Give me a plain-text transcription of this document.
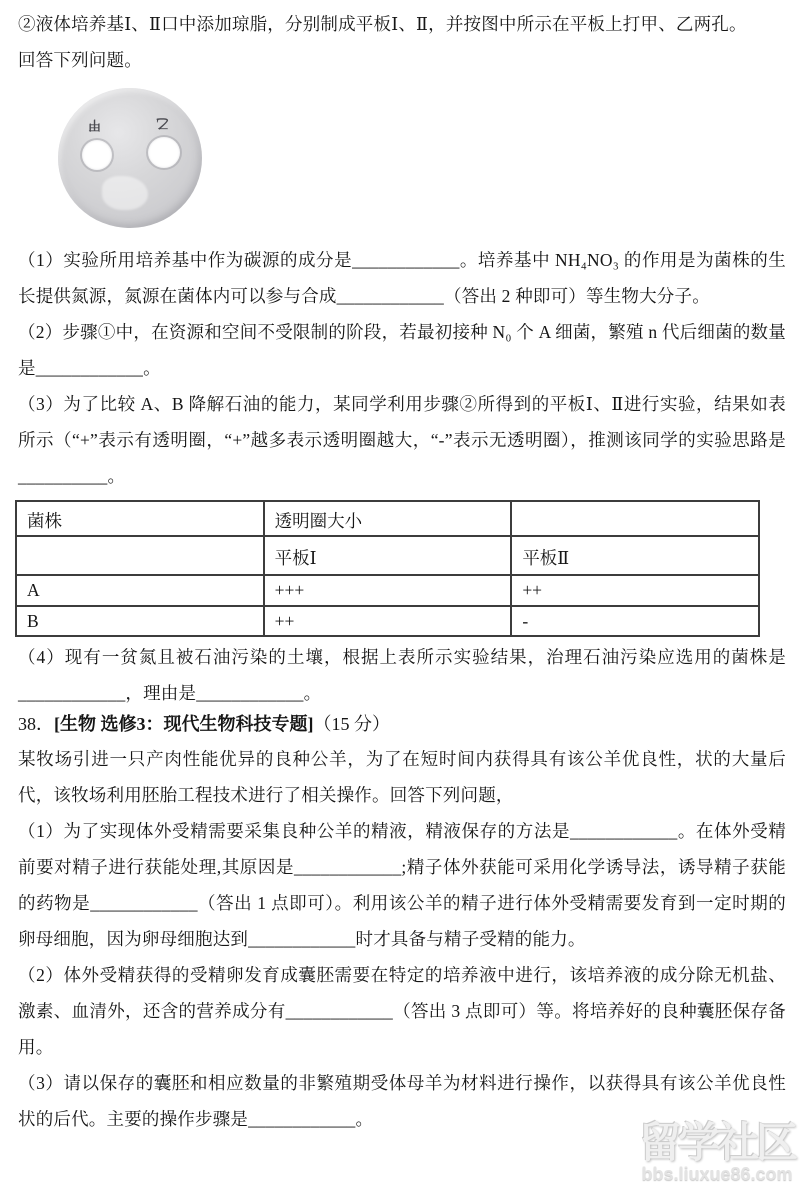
②液体培养基Ⅰ、Ⅱ口中添加琼脂，分别制成平板Ⅰ、Ⅱ，并按图中所示在平板上打甲、乙两孔。

回答下列问题。

甲	乙

（1）实验所用培养基中作为碳源的成分是____________。培养基中 NH₄NO₃ 的作用是为菌株的生长提供氮源，氮源在菌体内可以参与合成____________（答出 2 种即可）等生物大分子。

（2）步骤①中，在资源和空间不受限制的阶段，若最初接种 N₀ 个 A 细菌，繁殖 n 代后细菌的数量是____________。

（3）为了比较 A、B 降解石油的能力，某同学利用步骤②所得到的平板Ⅰ、Ⅱ进行实验，结果如表所示（“+”表示有透明圈，“+”越多表示透明圈越大，“-”表示无透明圈），推测该同学的实验思路是__________。

菌株	透明圈大小	
	平板Ⅰ	平板Ⅱ
A	+++	++
B	++	-

（4）现有一贫氮且被石油污染的土壤，根据上表所示实验结果，治理石油污染应选用的菌株是____________，理由是____________。

38．[生物 选修3：现代生物科技专题]（15 分）

某牧场引进一只产肉性能优异的良种公羊，为了在短时间内获得具有该公羊优良性，状的大量后代，该牧场利用胚胎工程技术进行了相关操作。回答下列问题，

（1）为了实现体外受精需要采集良种公羊的精液，精液保存的方法是____________。在体外受精前要对精子进行获能处理,其原因是____________;精子体外获能可采用化学诱导法，诱导精子获能的药物是____________（答出 1 点即可）。利用该公羊的精子进行体外受精需要发育到一定时期的卵母细胞，因为卵母细胞达到____________时才具备与精子受精的能力。

（2）体外受精获得的受精卵发育成囊胚需要在特定的培养液中进行，该培养液的成分除无机盐、激素、血清外，还含的营养成分有____________（答出 3 点即可）等。将培养好的良种囊胚保存备用。

（3）请以保存的囊胚和相应数量的非繁殖期受体母羊为材料进行操作，以获得具有该公羊优良性状的后代。主要的操作步骤是____________。	留学社区
bbs.liuxue86.com
